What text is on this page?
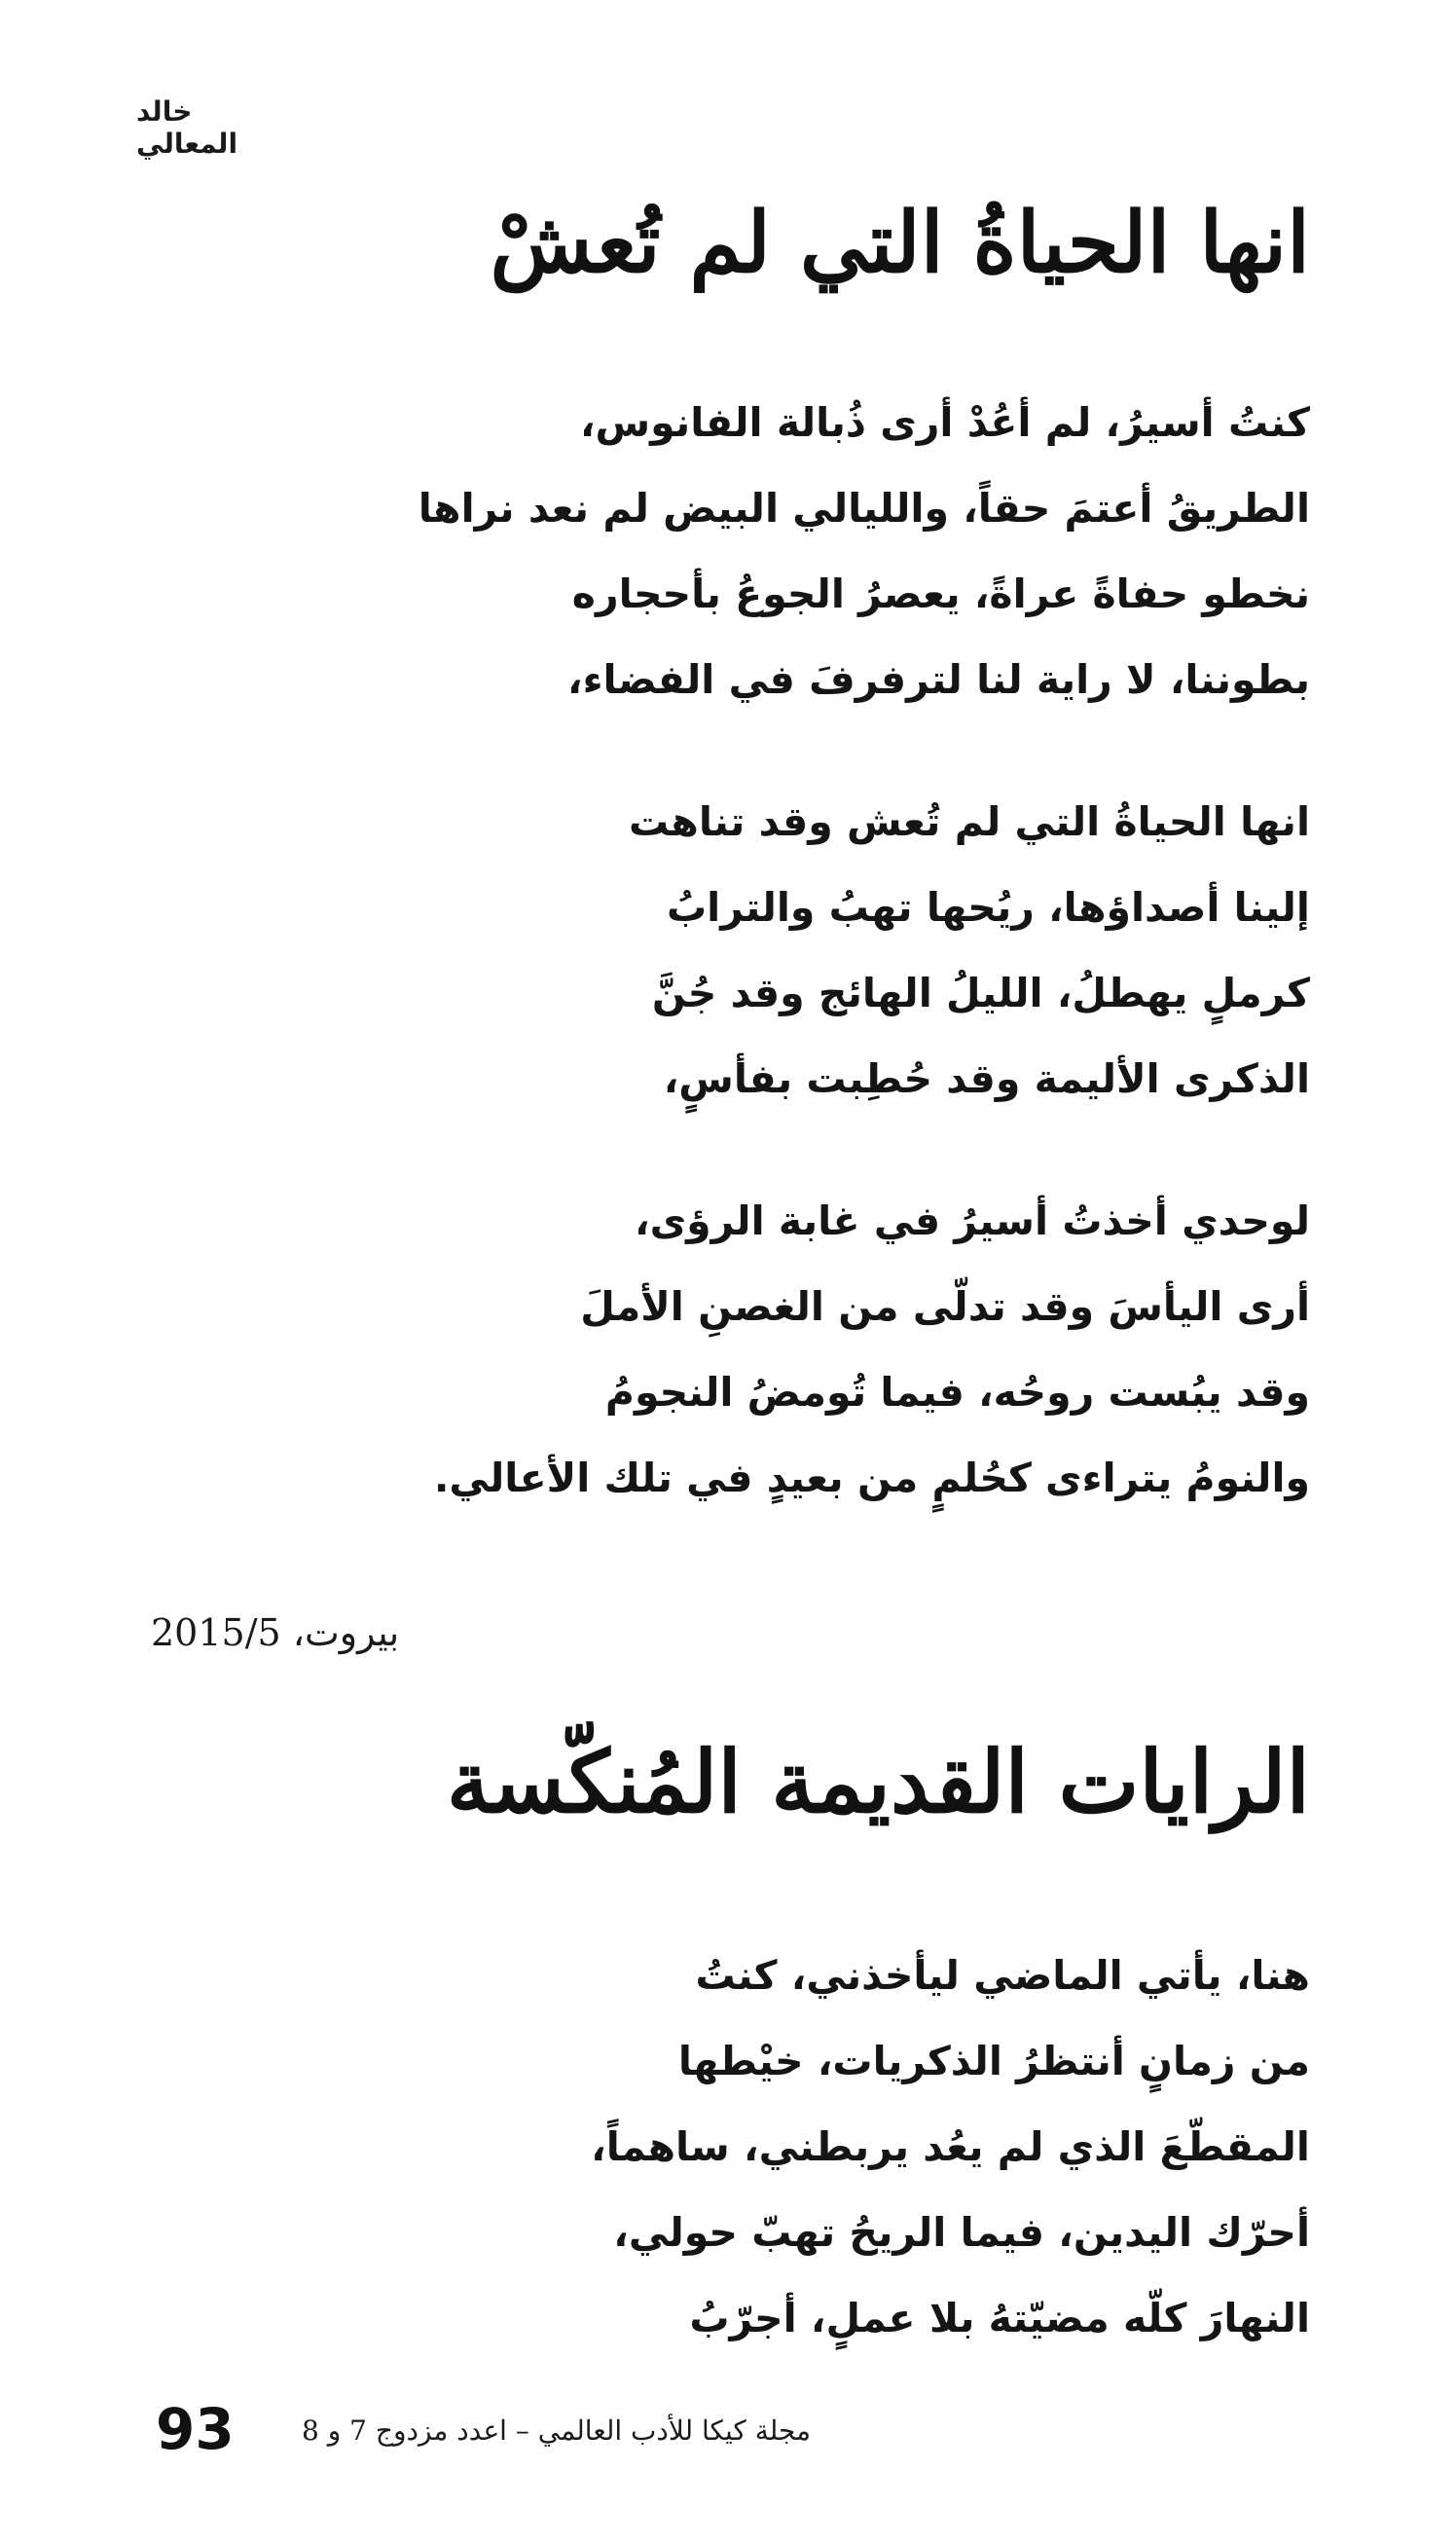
خالد المعالي
انها الحياةُ التي لم تُعشْ
كنتُ أسيرُ، لم أعُدْ أرى ذُبالة الفانوس،
الطريقُ أعتمَ حقاً، والليالي البيض لم نعد نراها
نخطو حفاةً عراةً، يعصرُ الجوعُ بأحجاره
بطوننا، لا راية لنا لترفرفَ في الفضاء،
انها الحياةُ التي لم تُعش وقد تناهت
إلينا أصداؤها، ريُحها تهبُ والترابُ
كرملٍ يهطلُ، الليلُ الهائج وقد جُنَّ
الذكرى الأليمة وقد حُطِبت بفأسٍ،
لوحدي أخذتُ أسيرُ في غابة الرؤى،
أرى اليأسَ وقد تدلّى من الغصنِ الأملَ
وقد يبُست روحُه، فيما تُومضُ النجومُ
والنومُ يتراءى كحُلمٍ من بعيدٍ في تلك الأعالي.
بيروت، 2015/5
الرايات القديمة المُنكّسة
هنا، يأتي الماضي ليأخذني، كنتُ
من زمانٍ أنتظرُ الذكريات، خيْطها
المقطّعَ الذي لم يعُد يربطني، ساهماً،
أحرّك اليدين، فيما الريحُ تهبّ حولي،
النهارَ كلّه مضيّتهُ بلا عملٍ، أجرّبُ
93 مجلة كيكا للأدب العالمي – اعدد مزدوج 7 و 8
